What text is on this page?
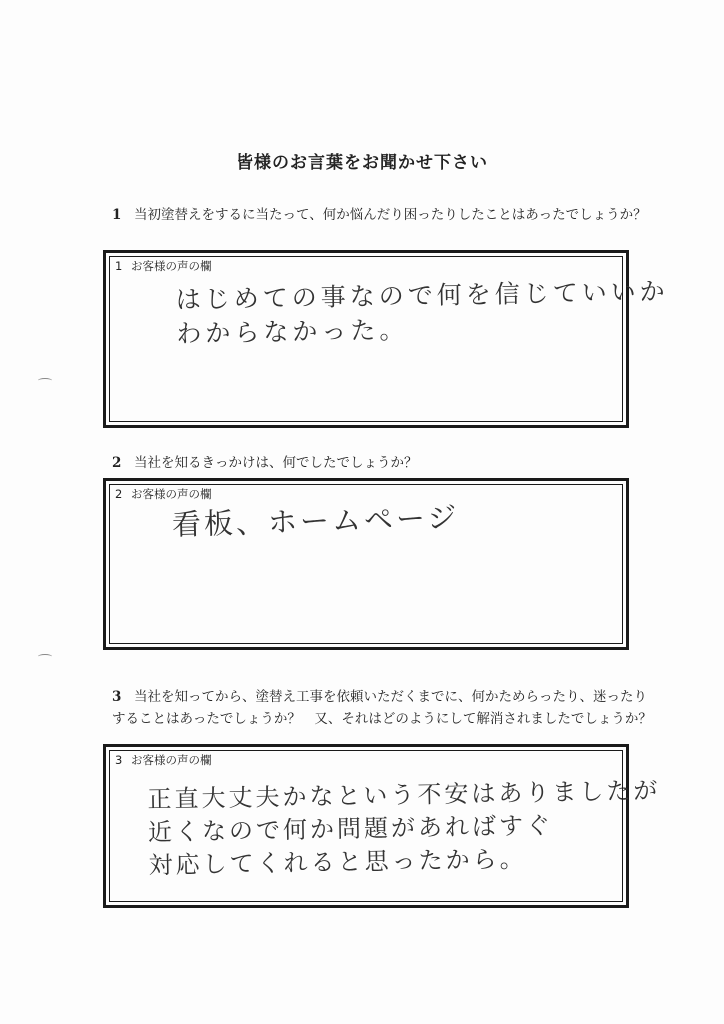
皆様のお言葉をお聞かせ下さい
1 当初塗替えをするに当たって、何か悩んだり困ったりしたことはあったでしょうか？
1 お客様の声の欄
はじめての事なので何を信じていいか
わからなかった。
2 当社を知るきっかけは、何でしたでしょうか？
2 お客様の声の欄
看板、ホームページ
3 当社を知ってから、塗替え工事を依頼いただくまでに、何かためらったり、迷ったりすることはあったでしょうか？　又、それはどのようにして解消されましたでしょうか？
3 お客様の声の欄
正直大丈夫かなという不安はありましたが
近くなので何か問題があればすぐ
対応してくれると思ったから。
